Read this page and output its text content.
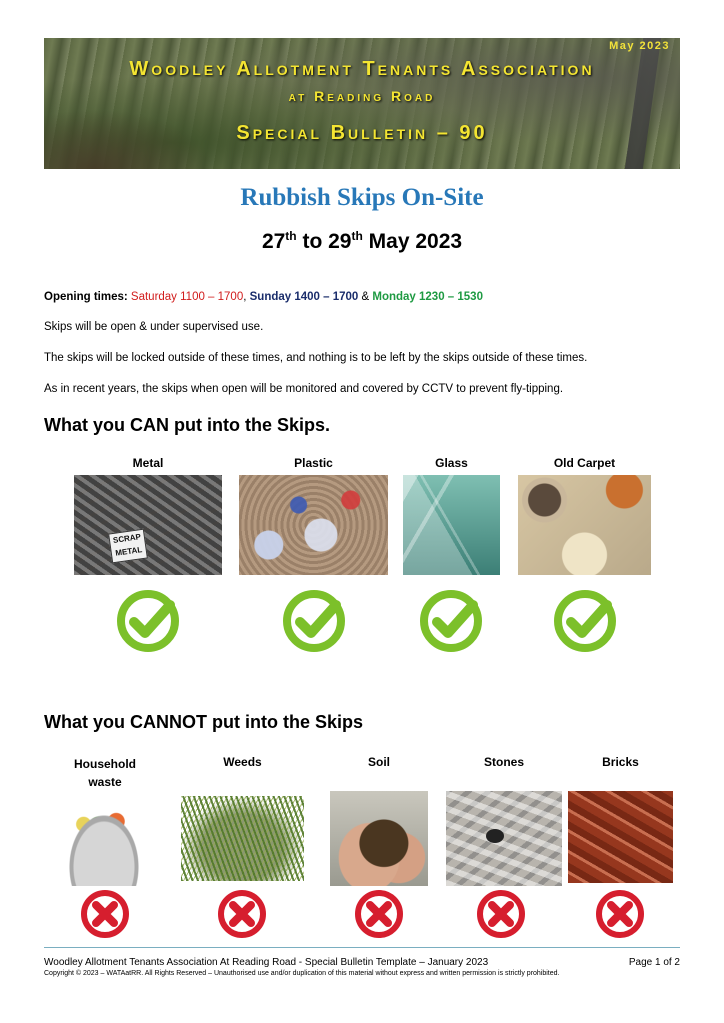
May 2023
Woodley Allotment Tenants Association
at Reading Road
Special Bulletin – 90
Rubbish Skips On-Site
27th to 29th May 2023
Opening times: Saturday 1100 – 1700, Sunday 1400 – 1700 & Monday 1230 – 1530
Skips will be open & under supervised use.
The skips will be locked outside of these times, and nothing is to be left by the skips outside of these times.
As in recent years, the skips when open will be monitored and covered by CCTV to prevent fly-tipping.
What you CAN put into the Skips.
Metal	Plastic	Glass	Old Carpet
SCRAP METAL
What you CANNOT put into the Skips
Household waste
Weeds	Soil	Stones	Bricks
Woodley Allotment Tenants Association At Reading Road - Special Bulletin Template – January 2023	Page 1 of 2
Copyright © 2023 – WATAatRR. All Rights Reserved – Unauthorised use and/or duplication of this material without express and written permission is strictly prohibited.
